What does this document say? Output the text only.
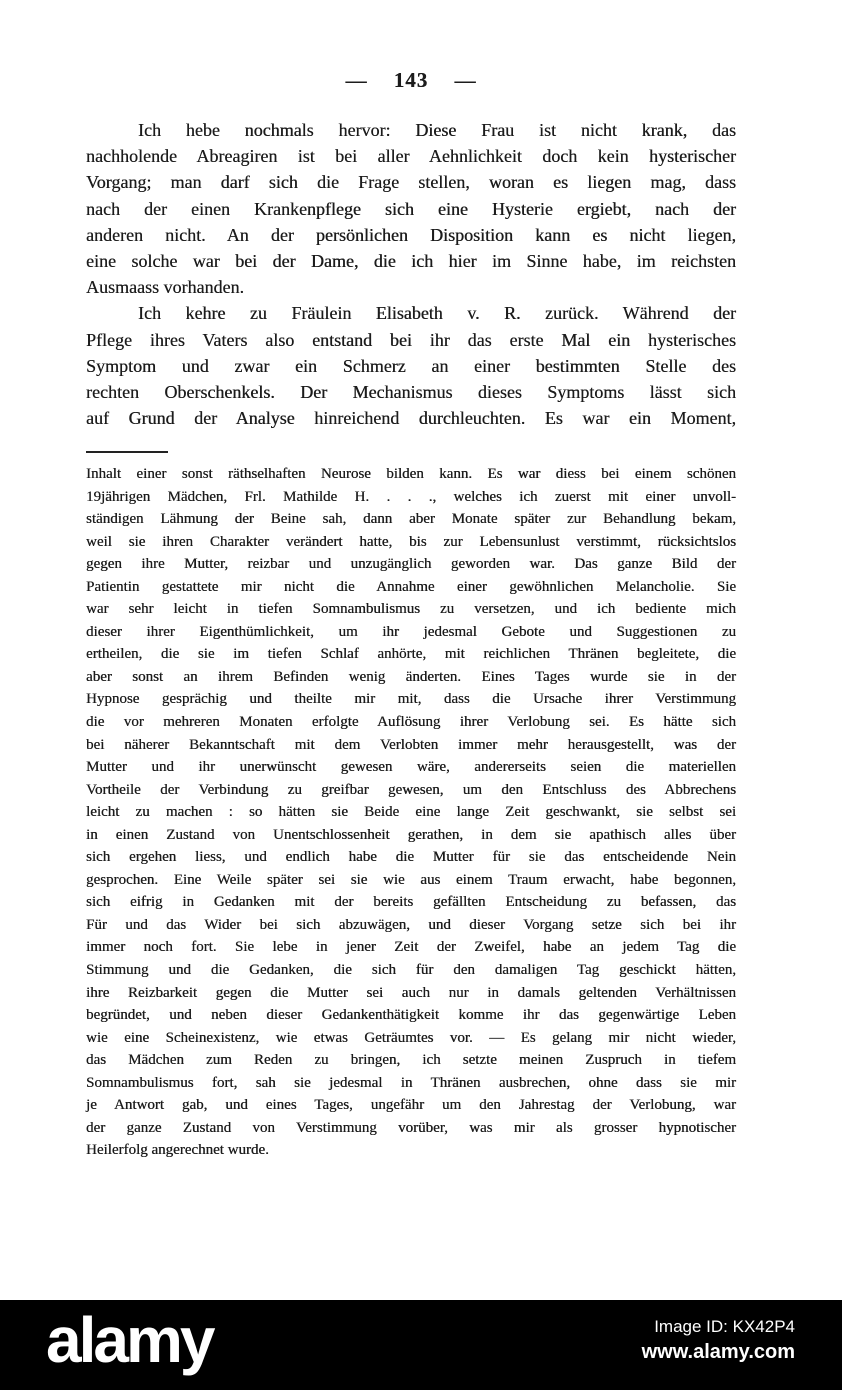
— 143 —
Ich hebe nochmals hervor: Diese Frau ist nicht krank, das
nachholende Abreagiren ist bei aller Aehnlichkeit doch kein hysterischer
Vorgang; man darf sich die Frage stellen, woran es liegen mag, dass
nach der einen Krankenpflege sich eine Hysterie ergiebt, nach der
anderen nicht. An der persönlichen Disposition kann es nicht liegen,
eine solche war bei der Dame, die ich hier im Sinne habe, im reichsten
Ausmaass vorhanden.
Ich kehre zu Fräulein Elisabeth v. R. zurück. Während der
Pflege ihres Vaters also entstand bei ihr das erste Mal ein hysterisches
Symptom und zwar ein Schmerz an einer bestimmten Stelle des
rechten Oberschenkels. Der Mechanismus dieses Symptoms lässt sich
auf Grund der Analyse hinreichend durchleuchten. Es war ein Moment,
Inhalt einer sonst räthselhaften Neurose bilden kann. Es war diess bei einem schönen
19jährigen Mädchen, Frl. Mathilde H. . . ., welches ich zuerst mit einer unvoll-
ständigen Lähmung der Beine sah, dann aber Monate später zur Behandlung bekam,
weil sie ihren Charakter verändert hatte, bis zur Lebensunlust verstimmt, rücksichtslos
gegen ihre Mutter, reizbar und unzugänglich geworden war. Das ganze Bild der
Patientin gestattete mir nicht die Annahme einer gewöhnlichen Melancholie. Sie
war sehr leicht in tiefen Somnambulismus zu versetzen, und ich bediente mich
dieser ihrer Eigenthümlichkeit, um ihr jedesmal Gebote und Suggestionen zu
ertheilen, die sie im tiefen Schlaf anhörte, mit reichlichen Thränen begleitete, die
aber sonst an ihrem Befinden wenig änderten. Eines Tages wurde sie in der
Hypnose gesprächig und theilte mir mit, dass die Ursache ihrer Verstimmung
die vor mehreren Monaten erfolgte Auflösung ihrer Verlobung sei. Es hätte sich
bei näherer Bekanntschaft mit dem Verlobten immer mehr herausgestellt, was der
Mutter und ihr unerwünscht gewesen wäre, andererseits seien die materiellen
Vortheile der Verbindung zu greifbar gewesen, um den Entschluss des Abbrechens
leicht zu machen : so hätten sie Beide eine lange Zeit geschwankt, sie selbst sei
in einen Zustand von Unentschlossenheit gerathen, in dem sie apathisch alles über
sich ergehen liess, und endlich habe die Mutter für sie das entscheidende Nein
gesprochen. Eine Weile später sei sie wie aus einem Traum erwacht, habe begonnen,
sich eifrig in Gedanken mit der bereits gefällten Entscheidung zu befassen, das
Für und das Wider bei sich abzuwägen, und dieser Vorgang setze sich bei ihr
immer noch fort. Sie lebe in jener Zeit der Zweifel, habe an jedem Tag die
Stimmung und die Gedanken, die sich für den damaligen Tag geschickt hätten,
ihre Reizbarkeit gegen die Mutter sei auch nur in damals geltenden Verhältnissen
begründet, und neben dieser Gedankenthätigkeit komme ihr das gegenwärtige Leben
wie eine Scheinexistenz, wie etwas Geträumtes vor. — Es gelang mir nicht wieder,
das Mädchen zum Reden zu bringen, ich setzte meinen Zuspruch in tiefem
Somnambulismus fort, sah sie jedesmal in Thränen ausbrechen, ohne dass sie mir
je Antwort gab, und eines Tages, ungefähr um den Jahrestag der Verlobung, war
der ganze Zustand von Verstimmung vorüber, was mir als grosser hypnotischer
Heilerfolg angerechnet wurde.
alamy	Image ID: KX42P4
www.alamy.com
